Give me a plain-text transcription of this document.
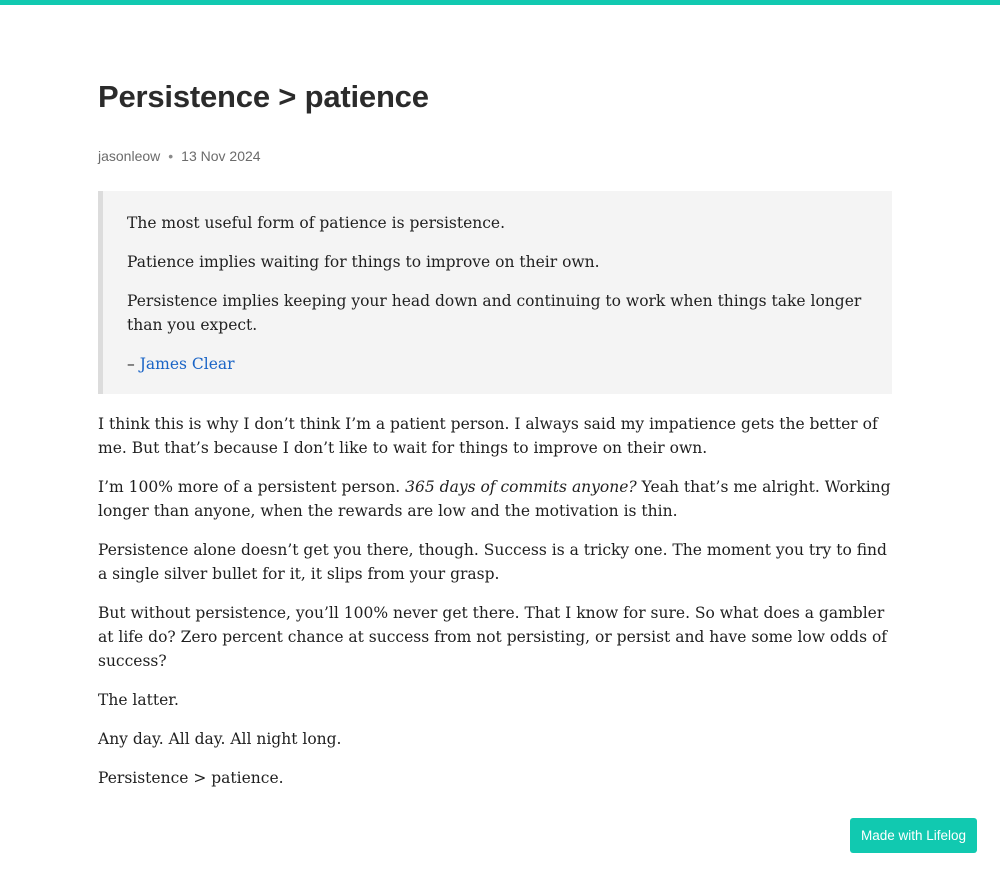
Persistence > patience
jasonleow • 13 Nov 2024

The most useful form of patience is persistence.

Patience implies waiting for things to improve on their own.

Persistence implies keeping your head down and continuing to work when things take longer than you expect.

– James Clear

I think this is why I don’t think I’m a patient person. I always said my impatience gets the better of me. But that’s because I don’t like to wait for things to improve on their own.

I’m 100% more of a persistent person. 365 days of commits anyone? Yeah that’s me alright. Working longer than anyone, when the rewards are low and the motivation is thin.

Persistence alone doesn’t get you there, though. Success is a tricky one. The moment you try to find a single silver bullet for it, it slips from your grasp.

But without persistence, you’ll 100% never get there. That I know for sure. So what does a gambler at life do? Zero percent chance at success from not persisting, or persist and have some low odds of success?

The latter.

Any day. All day. All night long.

Persistence > patience.

Made with Lifelog
